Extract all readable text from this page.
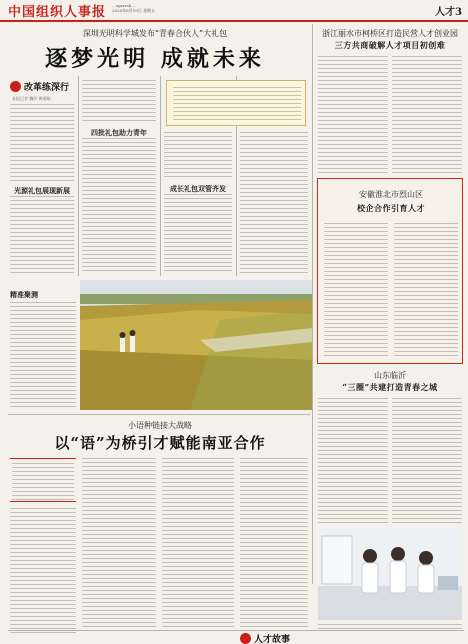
中国组织人事报 …zgzzrsb…
2025年8月19日 星期五	人才3
深圳光明科学城发布“青春合伙人”大礼包
逐梦光明 成就未来
浙江丽水市柯桥区打造民营人才创业园
三方共商破解人才项目初创难
改革练深行
本报记者 魏玲 黄翊翔
光源礼包展现新展
四批礼包助力青年
成长礼包双管齐发
安徽淮北市烈山区
校企合作引育人才
山东临沂
“三圈”共建打造青春之城
精准聚测
小语种链接大战略
以“语”为桥引才赋能南亚合作
人才故事
